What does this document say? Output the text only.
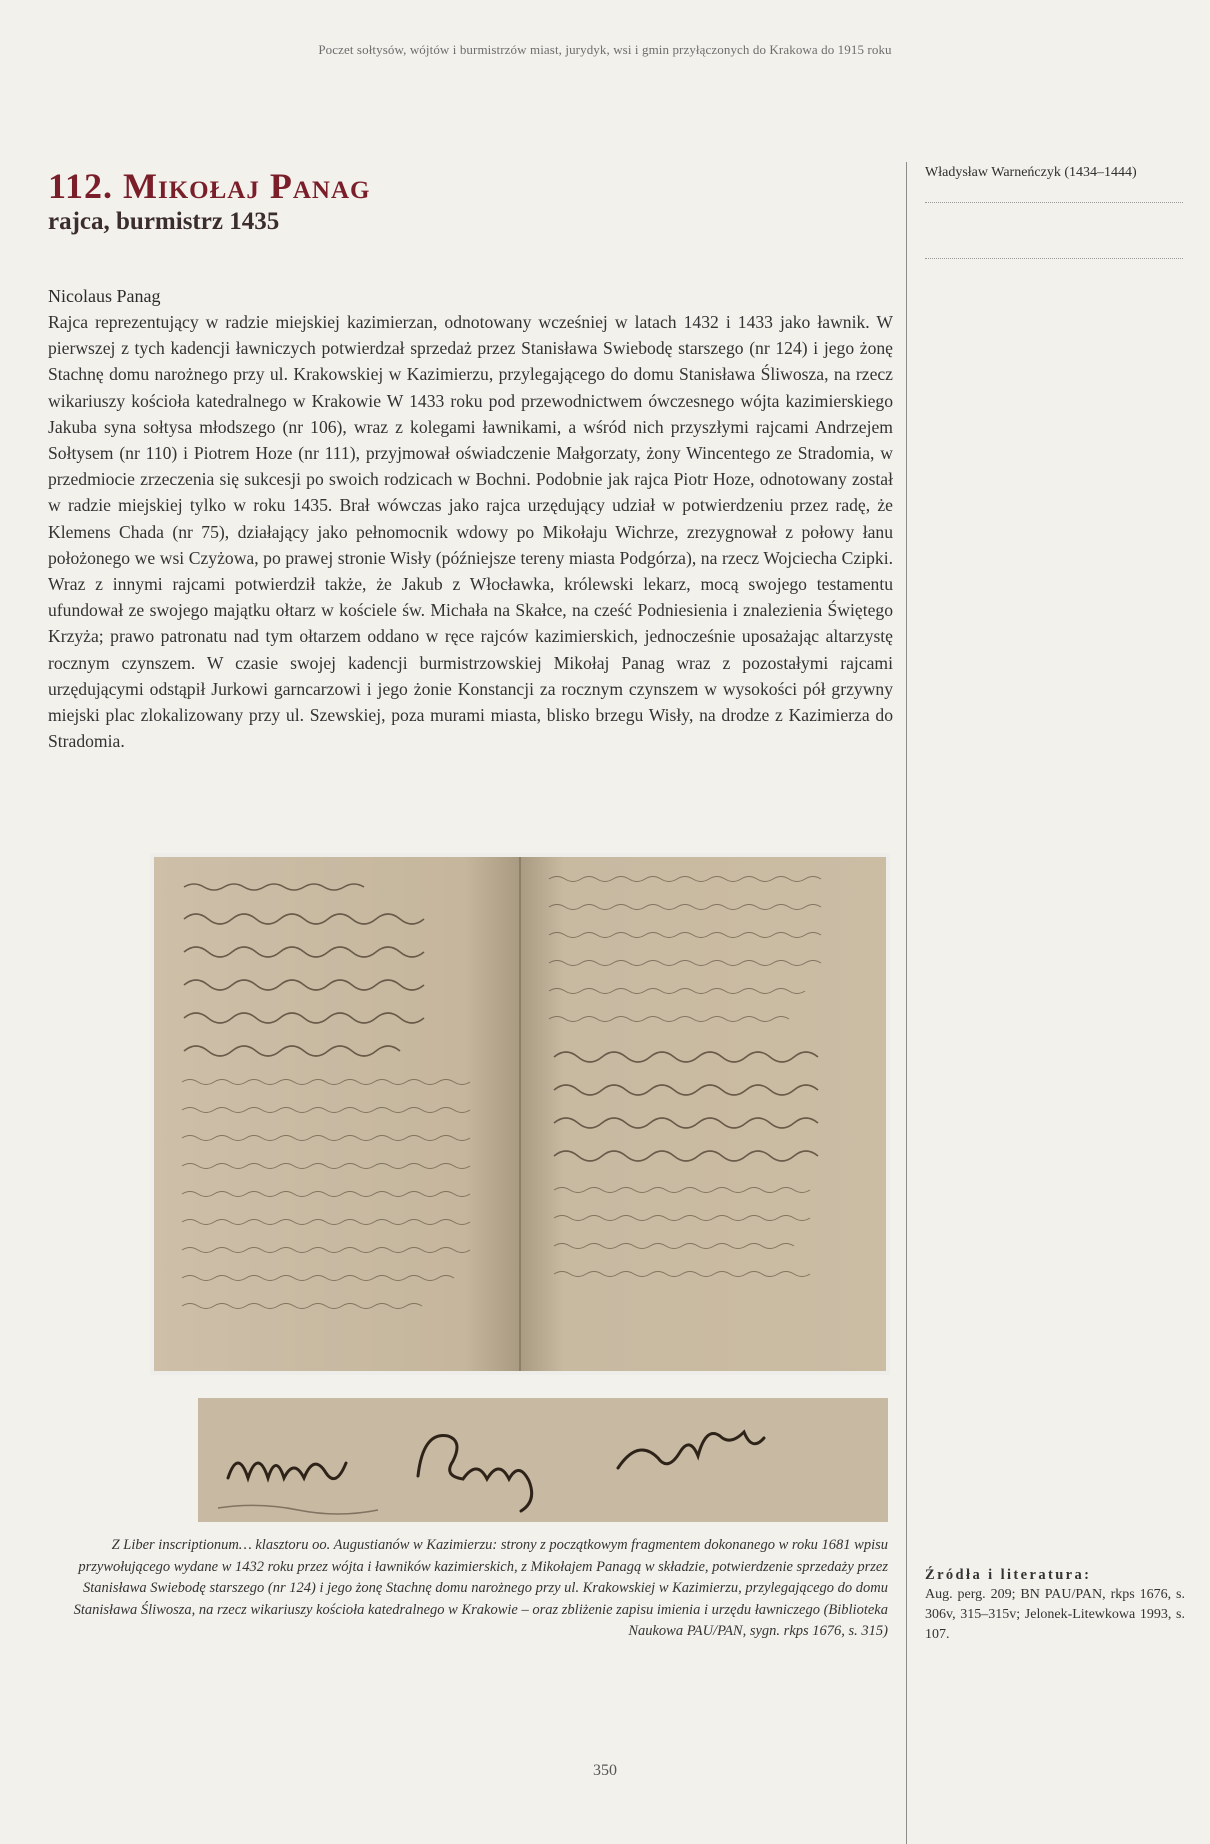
Poczet sołtysów, wójtów i burmistrzów miast, jurydyk, wsi i gmin przyłączonych do Krakowa do 1915 roku
112. Mikołaj Panag
rajca, burmistrz 1435
Nicolaus Panag

Rajca reprezentujący w radzie miejskiej kazimierzan, odnotowany wcześniej w latach 1432 i 1433 jako ławnik. W pierwszej z tych kadencji ławniczych potwierdzał sprzedaż przez Stanisława Swiebodę starszego (nr 124) i jego żonę Stachnę domu narożnego przy ul. Krakowskiej w Kazimierzu, przylegającego do domu Stanisława Śliwosza, na rzecz wikariuszy kościoła katedralnego w Krakowie W 1433 roku pod przewodnictwem ówczesnego wójta kazimierskiego Jakuba syna sołtysa młodszego (nr 106), wraz z kolegami ławnikami, a wśród nich przyszłymi rajcami Andrzejem Sołtysem (nr 110) i Piotrem Hoze (nr 111), przyjmował oświadczenie Małgorzaty, żony Wincentego ze Stradomia, w przedmiocie zrzeczenia się sukcesji po swoich rodzicach w Bochni. Podobnie jak rajca Piotr Hoze, odnotowany został w radzie miejskiej tylko w roku 1435. Brał wówczas jako rajca urzędujący udział w potwierdzeniu przez radę, że Klemens Chada (nr 75), działający jako pełnomocnik wdowy po Mikołaju Wichrze, zrezygnował z połowy łanu położonego we wsi Czyżowa, po prawej stronie Wisły (późniejsze tereny miasta Podgórza), na rzecz Wojciecha Czipki. Wraz z innymi rajcami potwierdził także, że Jakub z Włocławka, królewski lekarz, mocą swojego testamentu ufundował ze swojego majątku ołtarz w kościele św. Michała na Skałce, na cześć Podniesienia i znalezienia Świętego Krzyża; prawo patronatu nad tym ołtarzem oddano w ręce rajców kazimierskich, jednocześnie uposażając altarzystę rocznym czynszem. W czasie swojej kadencji burmistrzowskiej Mikołaj Panag wraz z pozostałymi rajcami urzędującymi odstąpił Jurkowi garncarzowi i jego żonie Konstancji za rocznym czynszem w wysokości pół grzywny miejski plac zlokalizowany przy ul. Szewskiej, poza murami miasta, blisko brzegu Wisły, na drodze z Kazimierza do Stradomia.

Władysław Warneńczyk (1434–1444)
Z Liber inscriptionum… klasztoru oo. Augustianów w Kazimierzu: strony z początkowym fragmentem dokonanego w roku 1681 wpisu przywołującego wydane w 1432 roku przez wójta i ławników kazimierskich, z Mikołajem Panagą w składzie, potwierdzenie sprzedaży przez Stanisława Swiebodę starszego (nr 124) i jego żonę Stachnę domu narożnego przy ul. Krakowskiej w Kazimierzu, przylegającego do domu Stanisława Śliwosza, na rzecz wikariuszy kościoła katedralnego w Krakowie – oraz zbliżenie zapisu imienia i urzędu ławniczego (Biblioteka Naukowa PAU/PAN, sygn. rkps 1676, s. 315)
Źródła i literatura:
Aug. perg. 209; BN PAU/PAN, rkps 1676, s. 306v, 315–315v; Jelonek-Litewkowa 1993, s. 107.
350
